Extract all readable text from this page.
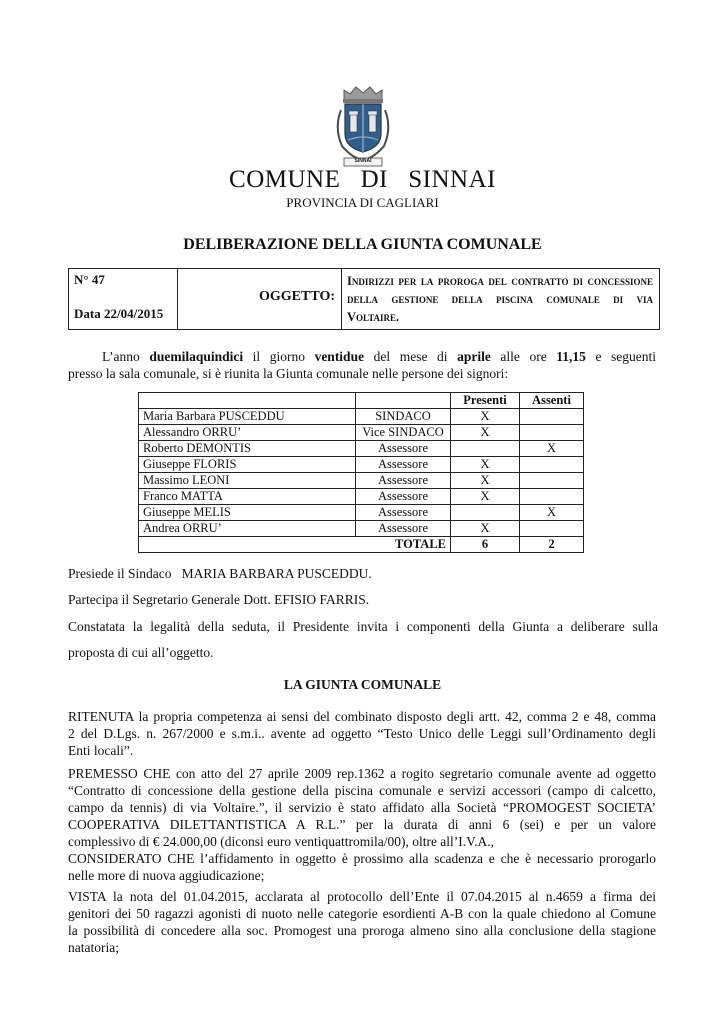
SINNAI
COMUNE   DI   SINNAI
PROVINCIA DI CAGLIARI
DELIBERAZIONE DELLA GIUNTA COMUNALE
N° 47
Data 22/04/2015
OGGETTO:
Indirizzi per la proroga del contratto di concessione
della gestione della piscina comunale di via
Voltaire.
L’anno duemilaquindici il giorno ventidue del mese di aprile alle ore 11,15 e seguenti
presso la sala comunale, si è riunita la Giunta comunale nelle persone dei signori:
		Presenti	Assenti
Maria Barbara PUSCEDDU	SINDACO	X	
Alessandro ORRU’	Vice SINDACO	X	
Roberto DEMONTIS	Assessore		X
Giuseppe FLORIS	Assessore	X	
Massimo LEONI	Assessore	X	
Franco MATTA	Assessore	X	
Giuseppe MELIS	Assessore		X
Andrea ORRU’	Assessore	X	
TOTALE		6	2
Presiede il Sindaco   MARIA BARBARA PUSCEDDU.
Partecipa il Segretario Generale Dott. EFISIO FARRIS.
Constatata la legalità della seduta, il Presidente invita i componenti della Giunta a deliberare sulla
proposta di cui all’oggetto.
LA GIUNTA COMUNALE
RITENUTA la propria competenza ai sensi del combinato disposto degli artt. 42, comma 2 e 48, comma
2 del D.Lgs. n. 267/2000 e s.m.i.. avente ad oggetto “Testo Unico delle Leggi sull’Ordinamento degli
Enti locali”.
PREMESSO CHE con atto del 27 aprile 2009 rep.1362 a rogito segretario comunale avente ad oggetto
“Contratto di concessione della gestione della piscina comunale e servizi accessori (campo di calcetto,
campo da tennis) di via Voltaire.”, il servizio è stato affidato alla Società “PROMOGEST SOCIETA’
COOPERATIVA DILETTANTISTICA A R.L.” per la durata di anni 6 (sei) e per un valore
complessivo di € 24.000,00 (diconsi euro ventiquattromila/00), oltre all’I.V.A.,
CONSIDERATO CHE l’affidamento in oggetto è prossimo alla scadenza e che è necessario prorogarlo
nelle more di nuova aggiudicazione;
VISTA la nota del 01.04.2015, acclarata al protocollo dell’Ente il 07.04.2015 al n.4659 a firma dei
genitori dei 50 ragazzi agonisti di nuoto nelle categorie esordienti A-B con la quale chiedono al Comune
la possibilità di concedere alla soc. Promogest una proroga almeno sino alla conclusione della stagione
natatoria;
